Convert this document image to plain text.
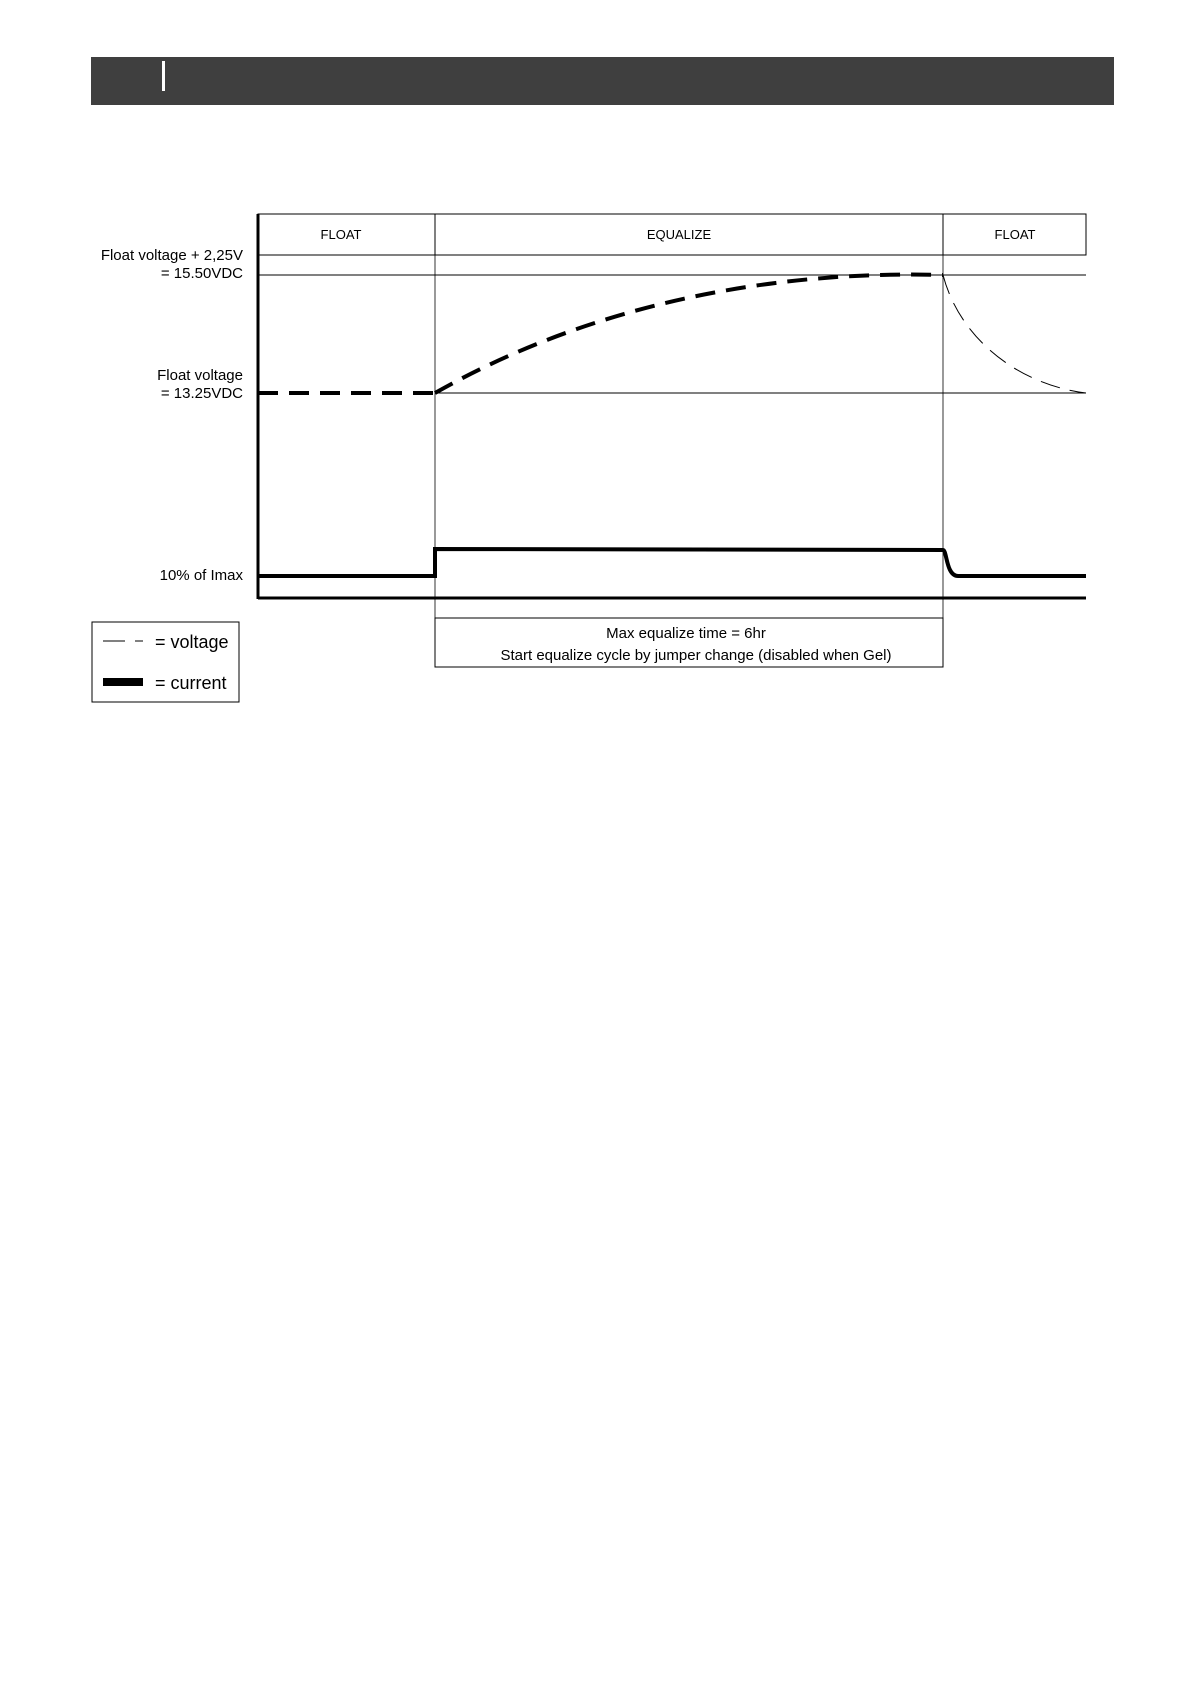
FLOAT	EQUALIZE	FLOAT
Float voltage + 2,25V
= 15.50VDC
Float voltage
= 13.25VDC
10% of Imax
Max equalize time = 6hr
Start equalize cycle by jumper change (disabled when Gel)
= voltage
= current
